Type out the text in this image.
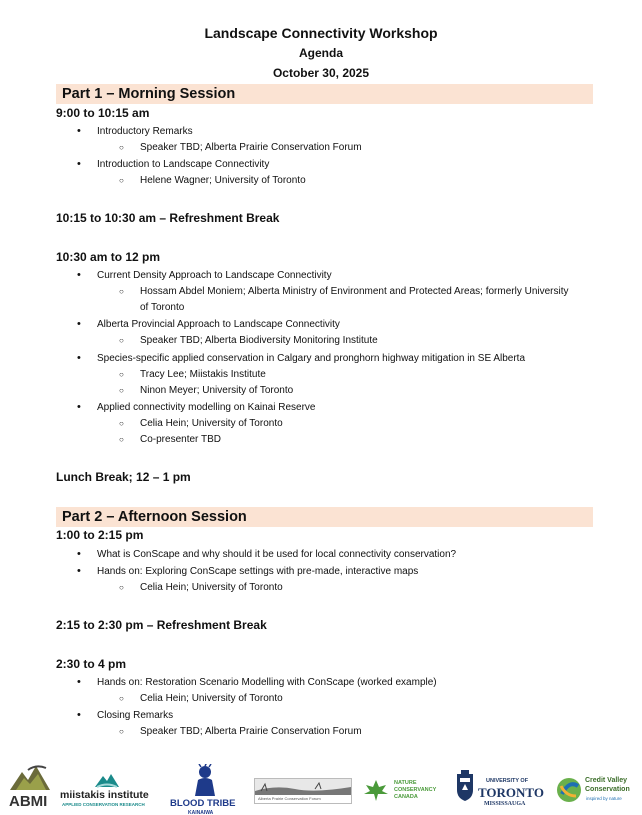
Landscape Connectivity Workshop
Agenda
October 30, 2025
Part 1 – Morning Session
9:00 to 10:15 am
• Introductory Remarks
○ Speaker TBD; Alberta Prairie Conservation Forum
• Introduction to Landscape Connectivity
○ Helene Wagner; University of Toronto
10:15 to 10:30 am – Refreshment Break
10:30 am to 12 pm
• Current Density Approach to Landscape Connectivity
○ Hossam Abdel Moniem; Alberta Ministry of Environment and Protected Areas; formerly University of Toronto
• Alberta Provincial Approach to Landscape Connectivity
○ Speaker TBD; Alberta Biodiversity Monitoring Institute
• Species-specific applied conservation in Calgary and pronghorn highway mitigation in SE Alberta
○ Tracy Lee; Miistakis Institute
○ Ninon Meyer; University of Toronto
• Applied connectivity modelling on Kainai Reserve
○ Celia Hein; University of Toronto
○ Co-presenter TBD
Lunch Break; 12 – 1 pm
Part 2 – Afternoon Session
1:00 to 2:15 pm
• What is ConScape and why should it be used for local connectivity conservation?
• Hands on: Exploring ConScape settings with pre-made, interactive maps
○ Celia Hein; University of Toronto
2:15 to 2:30 pm – Refreshment Break
2:30 to 4 pm
• Hands on: Restoration Scenario Modelling with ConScape (worked example)
○ Celia Hein; University of Toronto
• Closing Remarks
○ Speaker TBD; Alberta Prairie Conservation Forum
ABMI miistakis institute
APPLIED CONSERVATION RESEARCH	BLOOD TRIBE
KAINAIWA
Alberta Prairie Conservation Forum
NATURE
CONSERVANCY
CANADA
UNIVERSITY OF
TORONTO
MISSISSAUGA
Credit Valley
Conservation
inspired by nature
